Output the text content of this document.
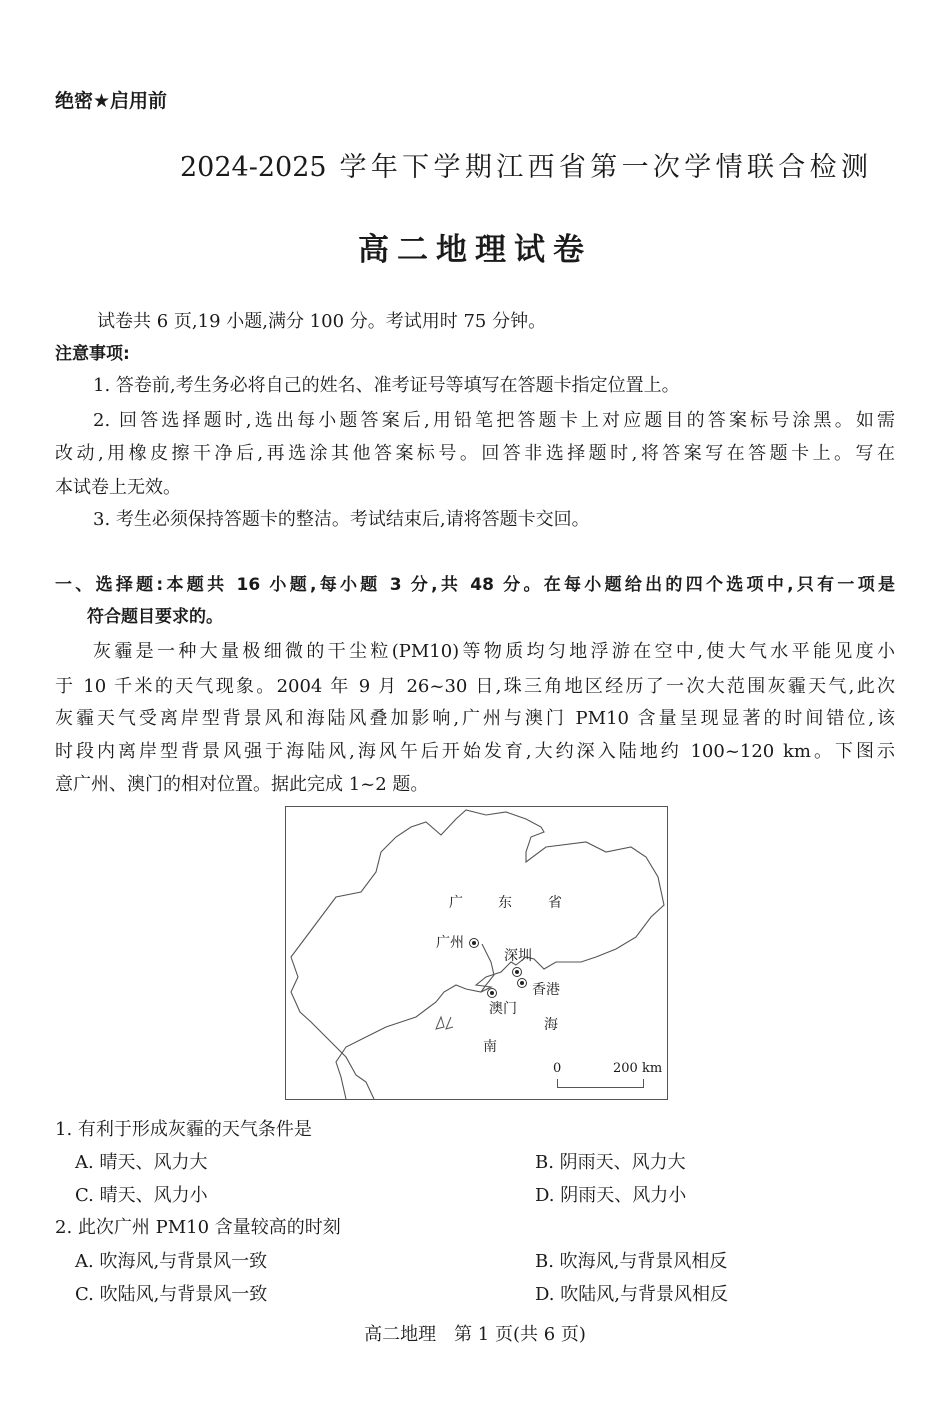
绝密★启用前
2024-2025 学年下学期江西省第一次学情联合检测
高二地理试卷
试卷共 6 页,19 小题,满分 100 分。考试用时 75 分钟。
注意事项:
1. 答卷前,考生务必将自己的姓名、准考证号等填写在答题卡指定位置上。
2. 回答选择题时,选出每小题答案后,用铅笔把答题卡上对应题目的答案标号涂黑。如需
改动,用橡皮擦干净后,再选涂其他答案标号。回答非选择题时,将答案写在答题卡上。写在
本试卷上无效。
3. 考生必须保持答题卡的整洁。考试结束后,请将答题卡交回。
一、选择题:本题共 16 小题,每小题 3 分,共 48 分。在每小题给出的四个选项中,只有一项是
符合题目要求的。
灰霾是一种大量极细微的干尘粒(PM10)等物质均匀地浮游在空中,使大气水平能见度小
于 10 千米的天气现象。2004 年 9 月 26~30 日,珠三角地区经历了一次大范围灰霾天气,此次
灰霾天气受离岸型背景风和海陆风叠加影响,广州与澳门 PM10 含量呈现显著的时间错位,该
时段内离岸型背景风强于海陆风,海风午后开始发育,大约深入陆地约 100~120 km。下图示
意广州、澳门的相对位置。据此完成 1~2 题。
广	东	省
广州
深圳
香港
澳门
南
海
0	200 km
1. 有利于形成灰霾的天气条件是
A. 晴天、风力大	B. 阴雨天、风力大
C. 晴天、风力小	D. 阴雨天、风力小
2. 此次广州 PM10 含量较高的时刻
A. 吹海风,与背景风一致	B. 吹海风,与背景风相反
C. 吹陆风,与背景风一致	D. 吹陆风,与背景风相反
高二地理　第 1 页(共 6 页)
